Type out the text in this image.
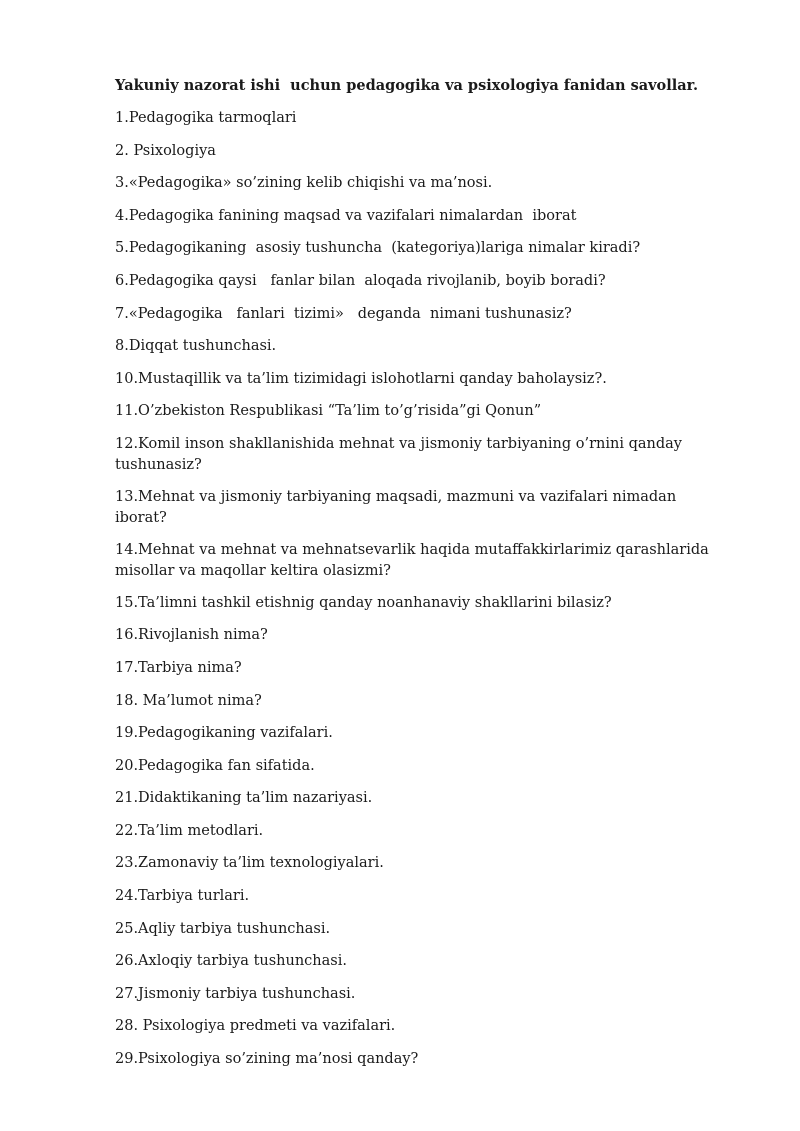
Yakuniy nazorat ishi  uchun pedagogika va psixologiya fanidan savollar.
1.Pedagogika tarmoqlari
2. Psixologiya
3.«Pedagogika» so’zining kelib chiqishi va ma’nosi.
4.Pedagogika fanining maqsad va vazifalari nimalardan  iborat
5.Pedagogikaning  asosiy tushuncha  (kategoriya)lariga nimalar kiradi?
6.Pedagogika qaysi   fanlar bilan  aloqada rivojlanib, boyib boradi?
7.«Pedagogika   fanlari  tizimi»   deganda  nimani tushunasiz?
8.Diqqat tushunchasi.
10.Mustaqillik va ta’lim tizimidagi islohotlarni qanday baholaysiz?.
11.O’zbekiston Respublikasi “Ta’lim to’g’risida”gi Qonun”
12.Komil inson shakllanishida mehnat va jismoniy tarbiyaning o’rnini qanday
tushunasiz?
13.Mehnat va jismoniy tarbiyaning maqsadi, mazmuni va vazifalari nimadan iborat?
14.Mehnat va mehnat va mehnatsevarlik haqida mutaffakkirlarimiz qarashlarida
misollar va maqollar keltira olasizmi?
15.Ta’limni tashkil etishnig qanday noanhanaviy shakllarini bilasiz?
16.Rivojlanish nima?
17.Tarbiya nima?
18. Ma’lumot nima?
19.Pedagogikaning vazifalari.
20.Pedagogika fan sifatida.
21.Didaktikaning ta’lim nazariyasi.
22.Ta’lim metodlari.
23.Zamonaviy ta’lim texnologiyalari.
24.Tarbiya turlari.
25.Aqliy tarbiya tushunchasi.
26.Axloqiy tarbiya tushunchasi.
27.Jismoniy tarbiya tushunchasi.
28. Psixologiya predmeti va vazifalari.
29.Psixologiya so’zining ma’nosi qanday?
